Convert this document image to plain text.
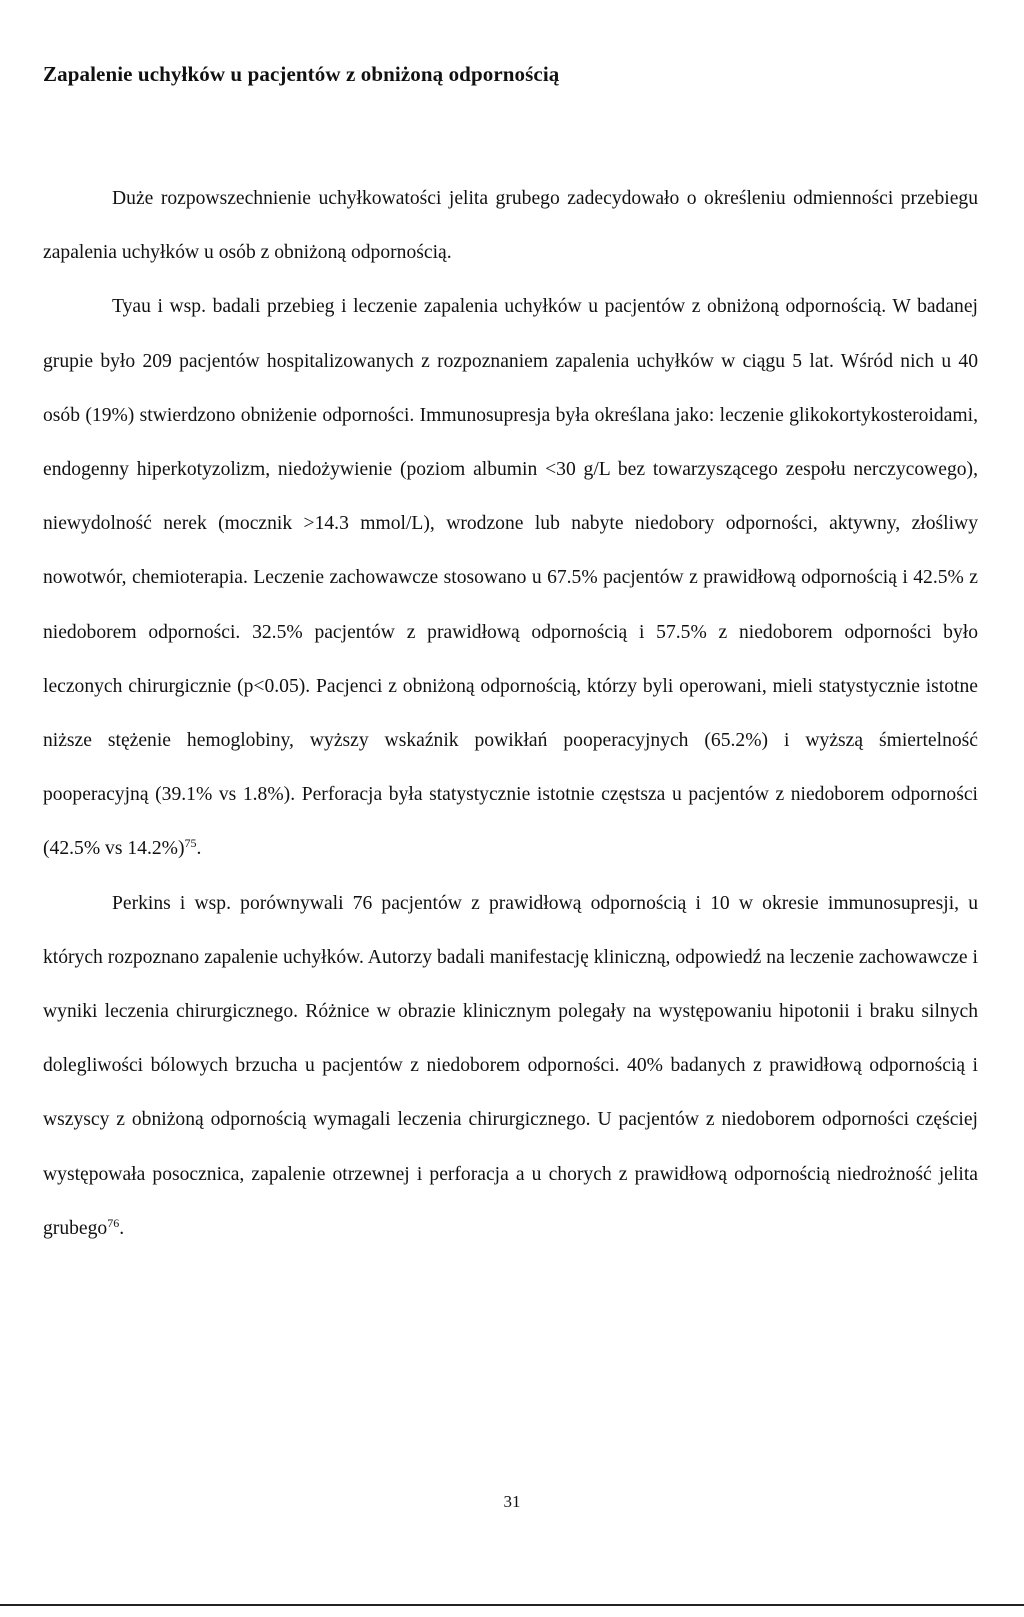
Zapalenie uchyłków u pacjentów z obniżoną odpornością

Duże rozpowszechnienie uchyłkowatości jelita grubego zadecydowało o określeniu odmienności przebiegu zapalenia uchyłków u osób z obniżoną odpornością.

Tyau i wsp. badali przebieg i leczenie zapalenia uchyłków u pacjentów z obniżoną odpornością. W badanej grupie było 209 pacjentów hospitalizowanych z rozpoznaniem zapalenia uchyłków w ciągu 5 lat. Wśród nich u 40 osób (19%) stwierdzono obniżenie odporności. Immunosupresja była określana jako: leczenie glikokortykosteroidami, endogenny hiperkotyzolizm, niedożywienie (poziom albumin <30 g/L bez towarzyszącego zespołu nerczycowego), niewydolność nerek (mocznik >14.3 mmol/L), wrodzone lub nabyte niedobory odporności, aktywny, złośliwy nowotwór, chemioterapia. Leczenie zachowawcze stosowano u 67.5% pacjentów z prawidłową odpornością i 42.5% z niedoborem odporności. 32.5% pacjentów z prawidłową odpornością i 57.5% z niedoborem odporności było leczonych chirurgicznie (p<0.05). Pacjenci z obniżoną odpornością, którzy byli operowani, mieli statystycznie istotne niższe stężenie hemoglobiny, wyższy wskaźnik powikłań pooperacyjnych (65.2%) i wyższą śmiertelność pooperacyjną (39.1% vs 1.8%). Perforacja była statystycznie istotnie częstsza u pacjentów z niedoborem odporności (42.5% vs 14.2%)$^{75}$.

Perkins i wsp. porównywali 76 pacjentów z prawidłową odpornością i 10 w okresie immunosupresji, u których rozpoznano zapalenie uchyłków. Autorzy badali manifestację kliniczną, odpowiedź na leczenie zachowawcze i wyniki leczenia chirurgicznego. Różnice w obrazie klinicznym polegały na występowaniu hipotonii i braku silnych dolegliwości bólowych brzucha u pacjentów z niedoborem odporności. 40% badanych z prawidłową odpornością i wszyscy z obniżoną odpornością wymagali leczenia chirurgicznego. U pacjentów z niedoborem odporności częściej występowała posocznica, zapalenie otrzewnej i perforacja a u chorych z prawidłową odpornością niedrożność jelita grubego$^{76}$.

31
